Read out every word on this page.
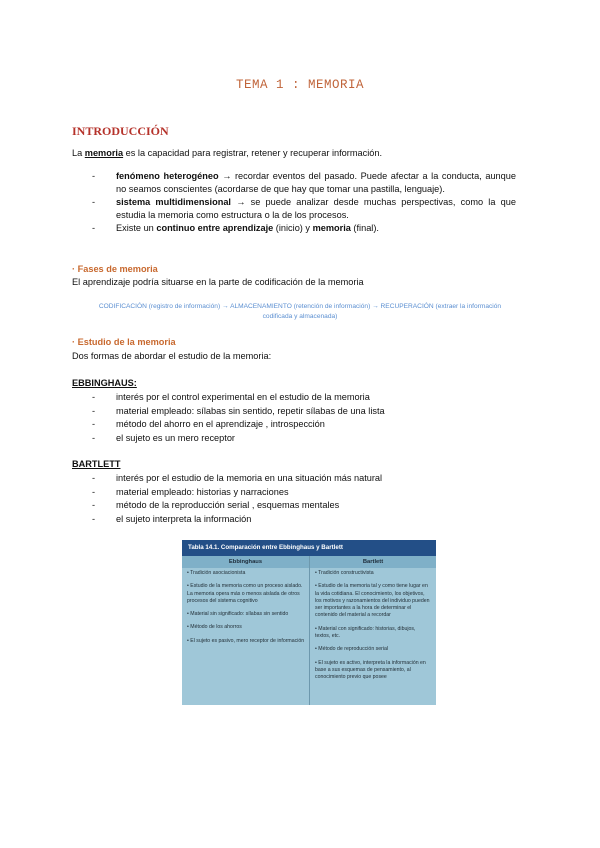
TEMA 1 : MEMORIA
INTRODUCCIÓN
La memoria es la capacidad para registrar, retener y recuperar información.
- fenómeno heterogéneo → recordar eventos del pasado. Puede afectar a la conducta, aunque no seamos conscientes (acordarse de que hay que tomar una pastilla, lenguaje).
- sistema multidimensional → se puede analizar desde muchas perspectivas, como la que estudia la memoria como estructura o la de los procesos.
- Existe un continuo entre aprendizaje (inicio) y memoria (final).
· Fases de memoria
El aprendizaje podría situarse en la parte de codificación de la memoria
CODIFICACIÓN (registro de información) → ALMACENAMIENTO (retención de información) → RECUPERACIÓN (extraer la información
codificada y almacenada)
· Estudio de la memoria
Dos formas de abordar el estudio de la memoria:
EBBINGHAUS:
- interés por el control experimental en el estudio de la memoria
- material empleado: sílabas sin sentido, repetir sílabas de una lista
- método del ahorro en el aprendizaje , introspección
- el sujeto es un mero receptor
BARTLETT
- interés por el estudio de la memoria en una situación más natural
- material empleado: historias y narraciones
- método de la reproducción serial , esquemas mentales
- el sujeto interpreta la información
Tabla 14.1. Comparación entre Ebbinghaus y Bartlett
Ebbinghaus	Bartlett
• Tradición asociacionista
• Estudio de la memoria como un proceso aislado. La memoria opera más o menos aislada de otros procesos del sistema cognitivo
• Material sin significado: sílabas sin sentido
• Método de los ahorros
• El sujeto es pasivo, mero receptor de información
• Tradición constructivista
• Estudio de la memoria tal y como tiene lugar en la vida cotidiana. El conocimiento, los objetivos, los motivos y razonamientos del individuo pueden ser importantes a la hora de determinar el contenido del material a recordar
• Material con significado: historias, dibujos, textos, etc.
• Método de reproducción serial
• El sujeto es activo, interpreta la información en base a sus esquemas de pensamiento, al conocimiento previo que posee
